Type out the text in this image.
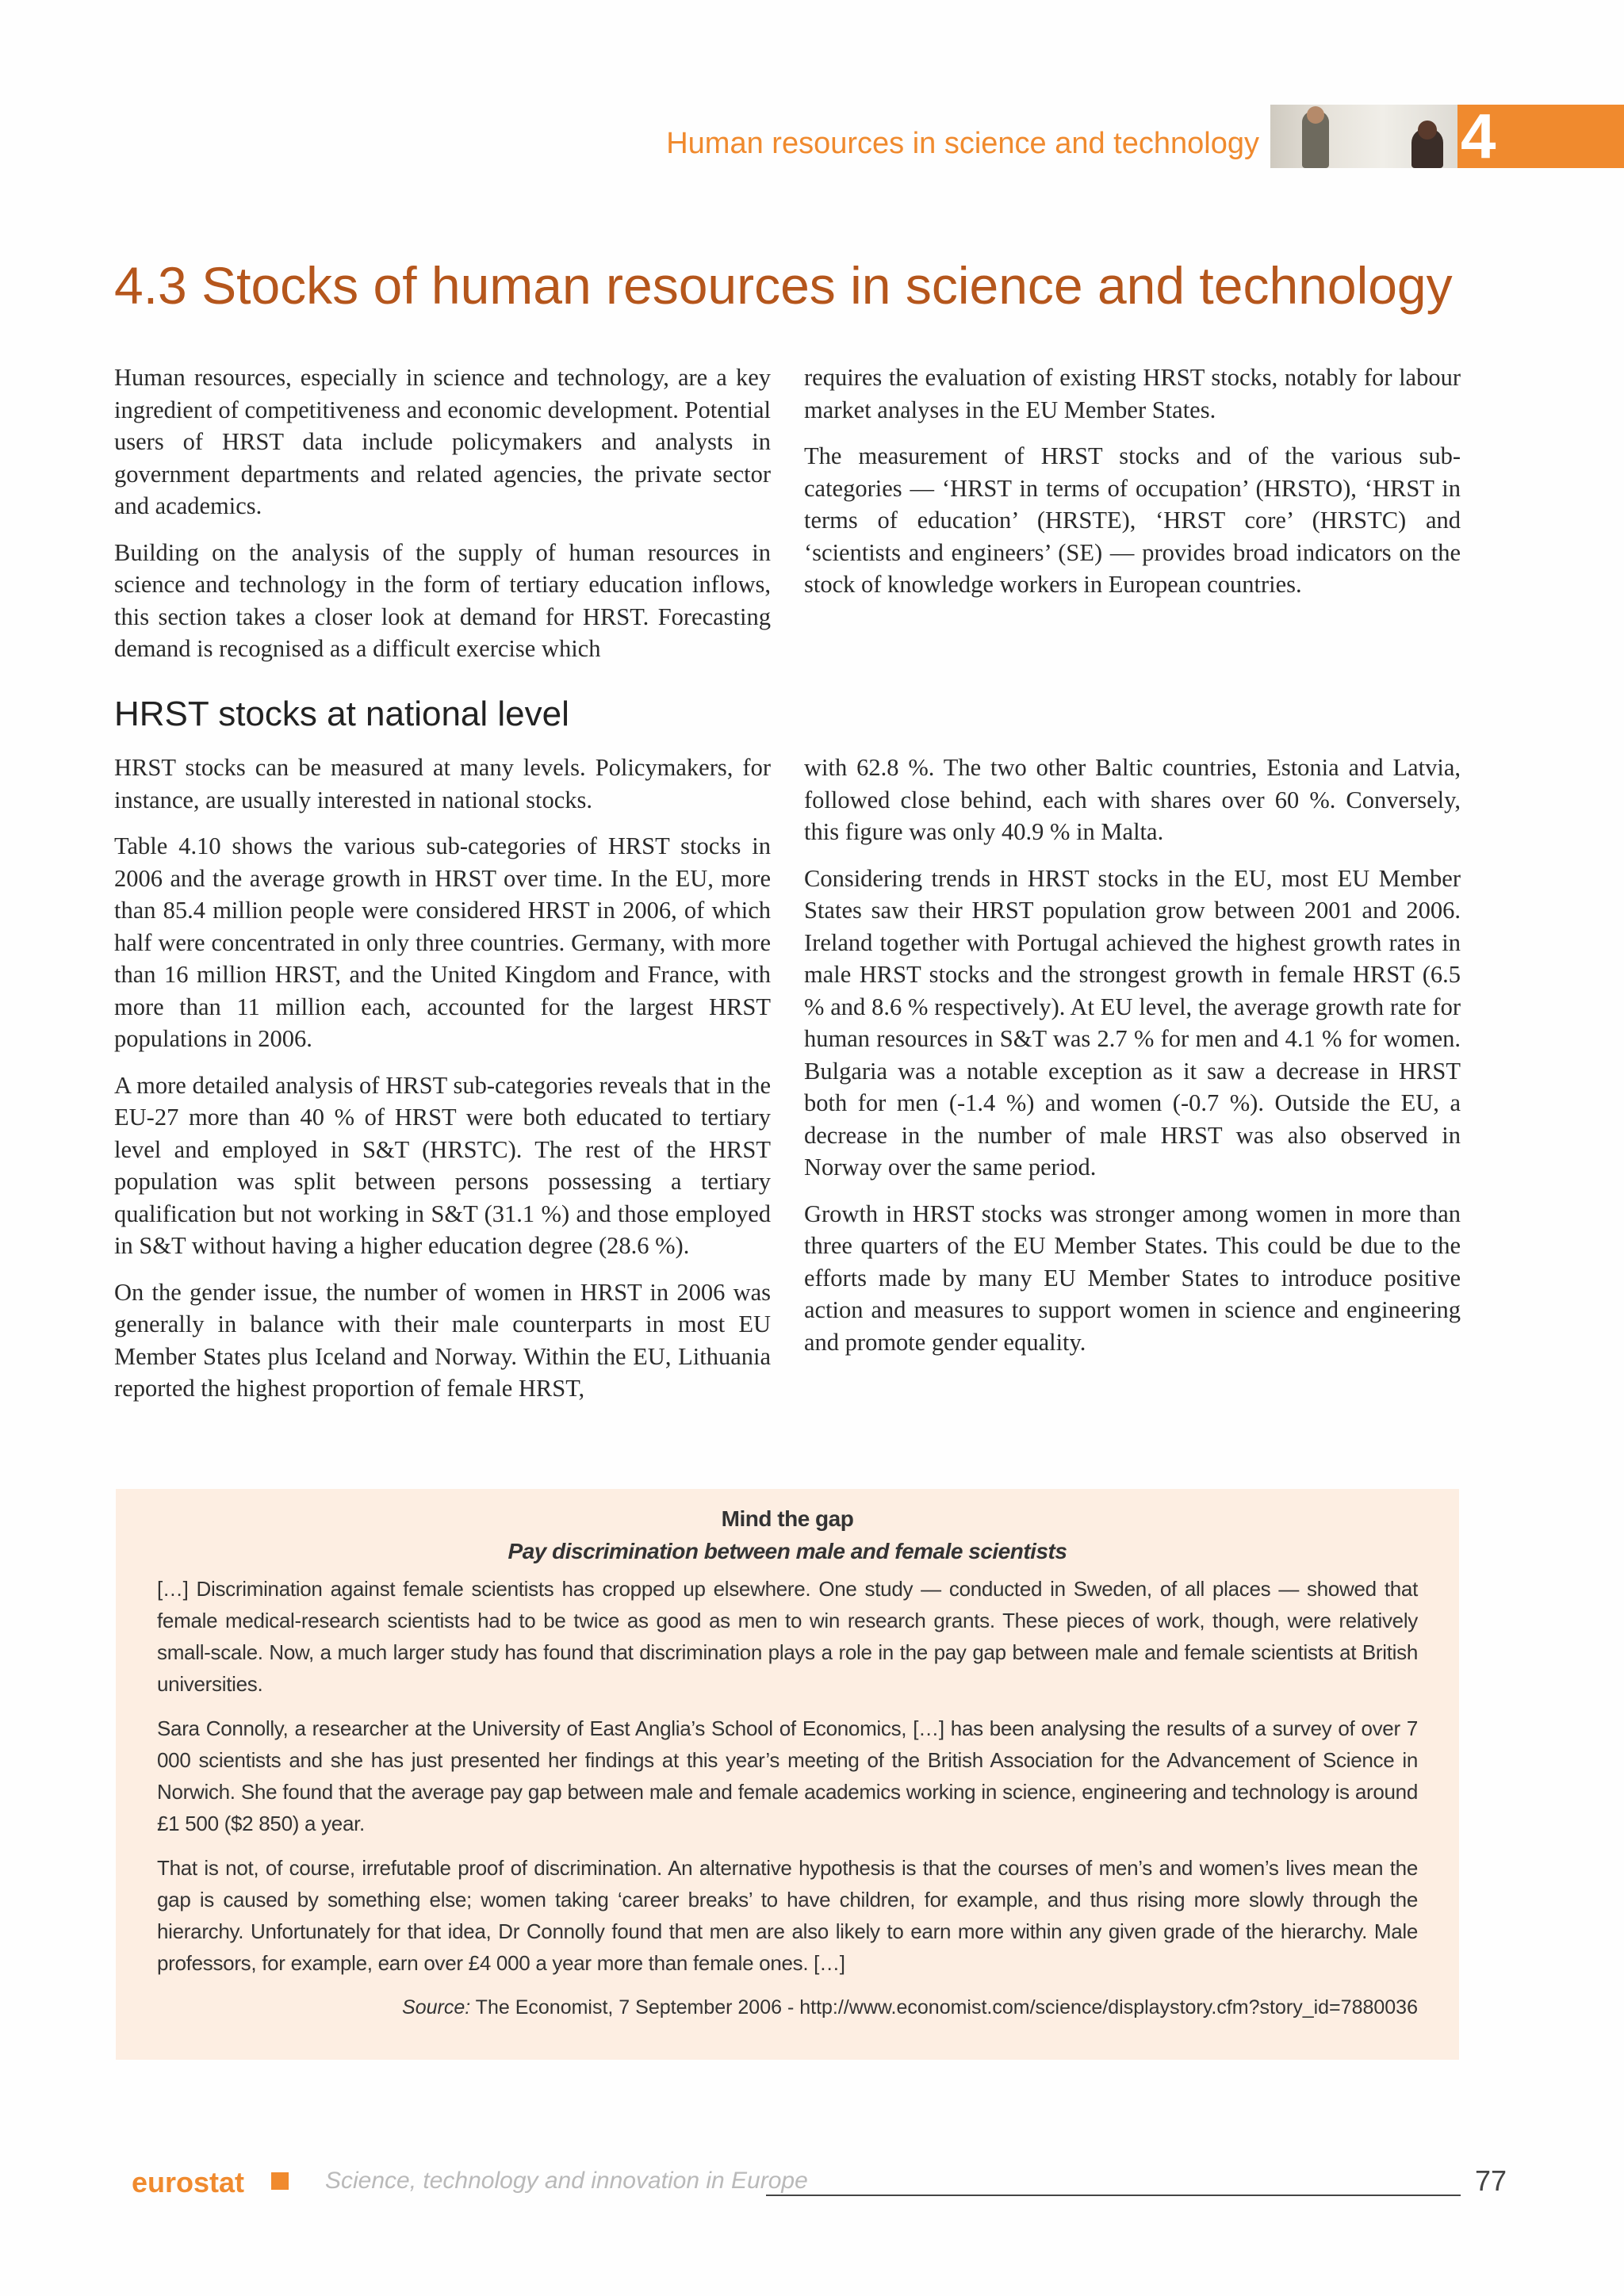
Human resources in science and technology	4
4.3 Stocks of human resources in science and technology

Human resources, especially in science and technology, are a key ingredient of competitiveness and economic development. Potential users of HRST data include policymakers and analysts in government departments and related agencies, the private sector and academics.

Building on the analysis of the supply of human resources in science and technology in the form of tertiary education inflows, this section takes a closer look at demand for HRST. Forecasting demand is recognised as a difficult exercise which

requires the evaluation of existing HRST stocks, notably for labour market analyses in the EU Member States.

The measurement of HRST stocks and of the various sub-categories — ‘HRST in terms of occupation’ (HRSTO), ‘HRST in terms of education’ (HRSTE), ‘HRST core’ (HRSTC) and ‘scientists and engineers’ (SE) — provides broad indicators on the stock of knowledge workers in European countries.

HRST stocks at national level

HRST stocks can be measured at many levels. Policymakers, for instance, are usually interested in national stocks.

Table 4.10 shows the various sub-categories of HRST stocks in 2006 and the average growth in HRST over time. In the EU, more than 85.4 million people were considered HRST in 2006, of which half were concentrated in only three countries. Germany, with more than 16 million HRST, and the United Kingdom and France, with more than 11 million each, accounted for the largest HRST populations in 2006.

A more detailed analysis of HRST sub-categories reveals that in the EU-27 more than 40 % of HRST were both educated to tertiary level and employed in S&T (HRSTC). The rest of the HRST population was split between persons possessing a tertiary qualification but not working in S&T (31.1 %) and those employed in S&T without having a higher education degree (28.6 %).

On the gender issue, the number of women in HRST in 2006 was generally in balance with their male counterparts in most EU Member States plus Iceland and Norway. Within the EU, Lithuania reported the highest proportion of female HRST,

with 62.8 %. The two other Baltic countries, Estonia and Latvia, followed close behind, each with shares over 60 %. Conversely, this figure was only 40.9 % in Malta.

Considering trends in HRST stocks in the EU, most EU Member States saw their HRST population grow between 2001 and 2006. Ireland together with Portugal achieved the highest growth rates in male HRST stocks and the strongest growth in female HRST (6.5 % and 8.6 % respectively). At EU level, the average growth rate for human resources in S&T was 2.7 % for men and 4.1 % for women. Bulgaria was a notable exception as it saw a decrease in HRST both for men (-1.4 %) and women (-0.7 %). Outside the EU, a decrease in the number of male HRST was also observed in Norway over the same period.

Growth in HRST stocks was stronger among women in more than three quarters of the EU Member States. This could be due to the efforts made by many EU Member States to introduce positive action and measures to support women in science and engineering and promote gender equality.

Mind the gap
Pay discrimination between male and female scientists

[…] Discrimination against female scientists has cropped up elsewhere. One study — conducted in Sweden, of all places — showed that female medical-research scientists had to be twice as good as men to win research grants. These pieces of work, though, were relatively small-scale. Now, a much larger study has found that discrimination plays a role in the pay gap between male and female scientists at British universities.

Sara Connolly, a researcher at the University of East Anglia’s School of Economics, […] has been analysing the results of a survey of over 7 000 scientists and she has just presented her findings at this year’s meeting of the British Association for the Advancement of Science in Norwich. She found that the average pay gap between male and female academics working in science, engineering and technology is around £1 500 ($2 850) a year.

That is not, of course, irrefutable proof of discrimination. An alternative hypothesis is that the courses of men’s and women’s lives mean the gap is caused by something else; women taking ‘career breaks’ to have children, for example, and thus rising more slowly through the hierarchy. Unfortunately for that idea, Dr Connolly found that men are also likely to earn more within any given grade of the hierarchy. Male professors, for example, earn over £4 000 a year more than female ones. […]

Source: The Economist, 7 September 2006 - http://www.economist.com/science/displaystory.cfm?story_id=7880036
eurostat	Science, technology and innovation in Europe	77
